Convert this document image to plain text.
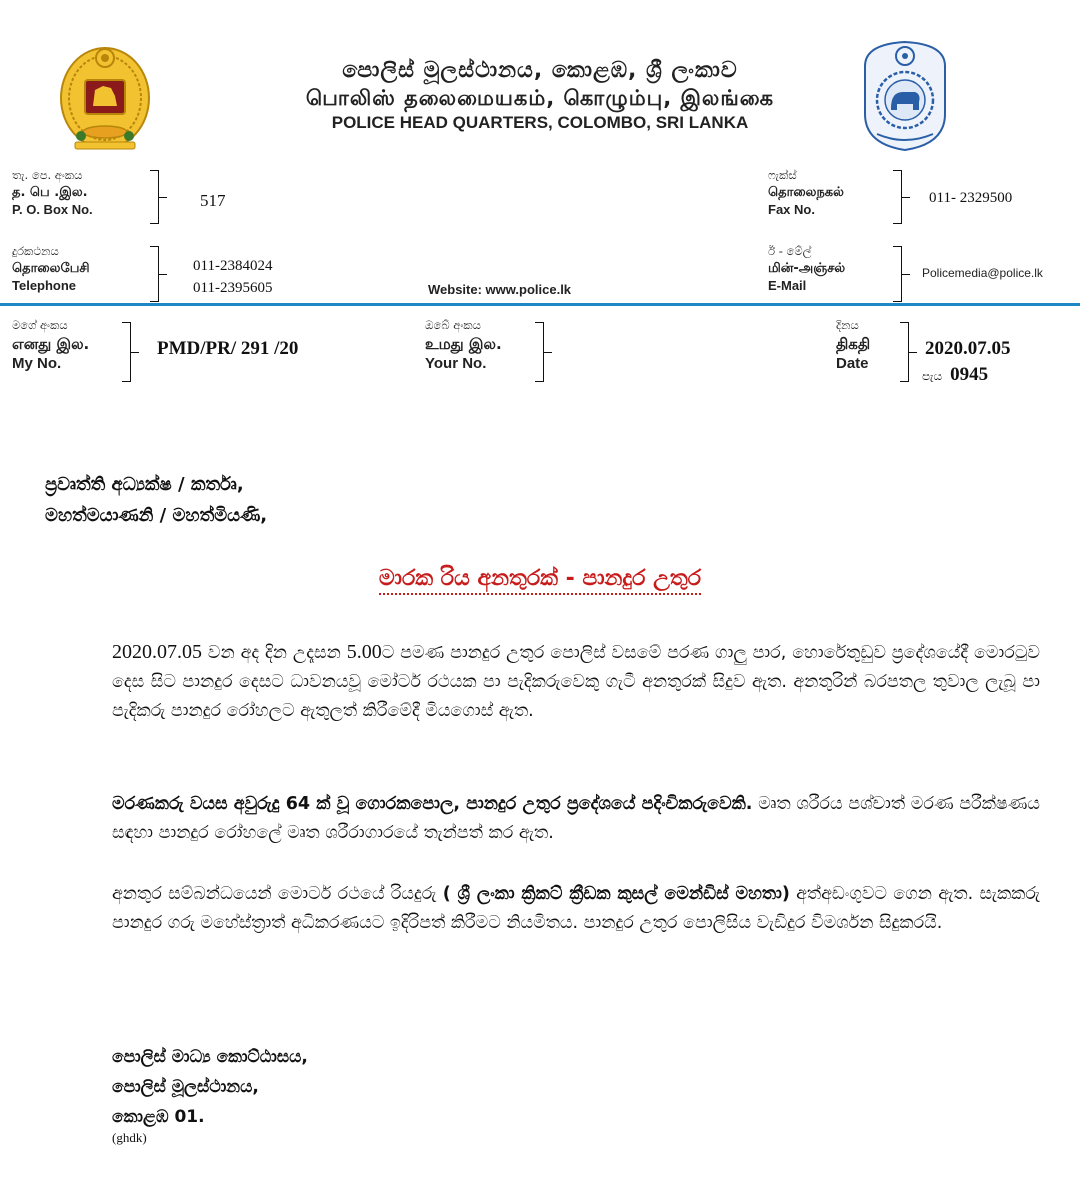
පොලිස් මූලස්ථානය, කොළඹ, ශ්‍රී ලංකාව
பொலிஸ் தலைமையகம், கொழும்பு, இலங்கை
POLICE HEAD QUARTERS, COLOMBO, SRI LANKA
තැ. පෙ. අංකය
த. பெ .இல.
P. O. Box No.	517
ෆැක්ස්
தொலைநகல்
Fax No.
011- 2329500
දුරකථනය
தொலைபேசி
Telephone
011-2384024
011-2395605	Website: www.police.lk
ඊ - මේල්
மின்-அஞ்சல்
E-Mail
Policemedia@police.lk
මගේ අංකය
எனது இல.
My No.
PMD/PR/ 291 /20
ඔබේ අංකය
உமது இல.
Your No.
දිනය
திகதி
Date
2020.07.05
පැය 0945
ප්‍රවෘත්ති අධ්‍යක්ෂ / කර්තෘ,
මහත්මයාණනි / මහත්මියණි,
මාරක රිය අනතුරක් - පානදුර උතුර
2020.07.05 වන අද දින උදෑසන 5.00ට පමණ පානදුර උතුර පොලිස් වසමේ පරණ ගාලු පාර, හොරේතුඩුව ප්‍රදේශයේදී මොරටුව දෙස සිට පානදුර දෙසට ධාවනයවූ මෝටර් රථයක පා පැදිකරුවෙකු ගැටී අනතුරක් සිදුව ඇත. අනතුරින් බරපතල තුවාල ලැබූ පා පැදිකරු පානදුර රෝහලට ඇතුලත් කිරීමේදී මියගොස් ඇත.
මරණකරු වයස අවුරුදු 64 ක් වූ ගොරකපොල, පානදුර උතුර ප්‍රදේශයේ පදිංචිකරුවෙකි. මෘත ශරීරය පශ්චාත් මරණ පරීක්ෂණය සඳහා පානදුර රෝහලේ මෘත ශරීරාගාරයේ තැන්පත් කර ඇත.
අනතුර සම්බන්ධයෙන් මොටර් රථයේ රියදුරු ( ශ්‍රී ලංකා ක්‍රිකට් ක්‍රීඩක කුසල් මෙන්ඩිස් මහතා) අත්අඩංගුවට ගෙන ඇත. සැකකරු පානදුර ගරු මහේස්ත්‍රාත් අධිකරණයට ඉදිරිපත් කිරීමට නියමිතය. පානදුර උතුර පොලිසිය වැඩිදුර විමර්ශන සිදුකරයි.
පොලිස් මාධ්‍ය කොට්ඨාසය,
පොලිස් මූලස්ථානය,
කොළඹ 01.
(ghdk)
